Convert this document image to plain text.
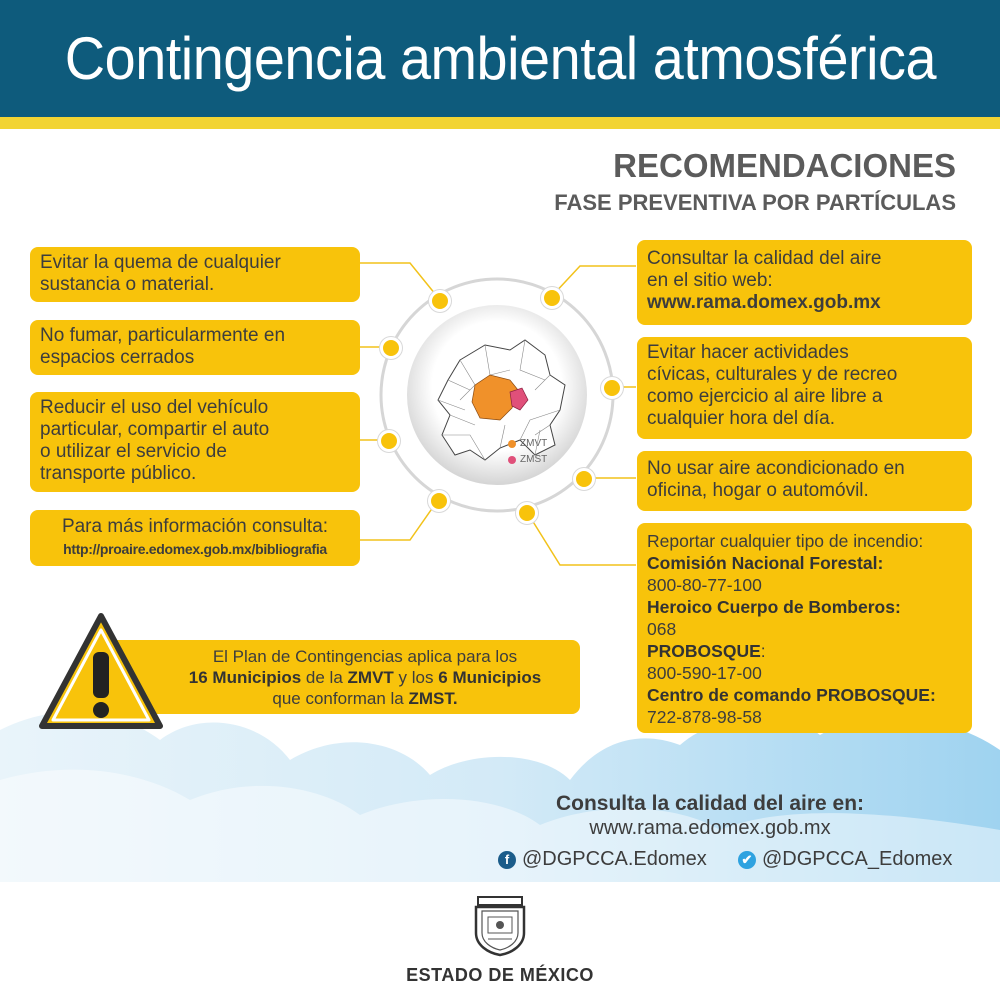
Contingencia ambiental atmosférica
RECOMENDACIONES
FASE PREVENTIVA POR PARTÍCULAS
ZMVT
ZMST
Evitar la quema de cualquier
sustancia o material.
No fumar, particularmente en
espacios cerrados
Reducir el uso del vehículo
particular, compartir el auto
o utilizar el servicio de
transporte público.
Para más información consulta:
http://proaire.edomex.gob.mx/bibliografia
Consultar la calidad del aire
en el sitio web:
www.rama.domex.gob.mx
Evitar hacer actividades
cívicas, culturales y de recreo
como ejercicio al aire libre a
cualquier hora del día.
No usar aire acondicionado en
oficina, hogar o automóvil.
Reportar cualquier tipo de incendio:
Comisión Nacional Forestal:
800-80-77-100
Heroico Cuerpo de Bomberos:
068
PROBOSQUE:
800-590-17-00
Centro de comando PROBOSQUE:
722-878-98-58
El Plan de Contingencias aplica para los
16 Municipios de la ZMVT y los 6 Municipios
que conforman la ZMST.
Consulta la calidad del aire en:
www.rama.edomex.gob.mx
f @DGPCCA.Edomex	✔ @DGPCCA_Edomex
ESTADO DE MÉXICO
